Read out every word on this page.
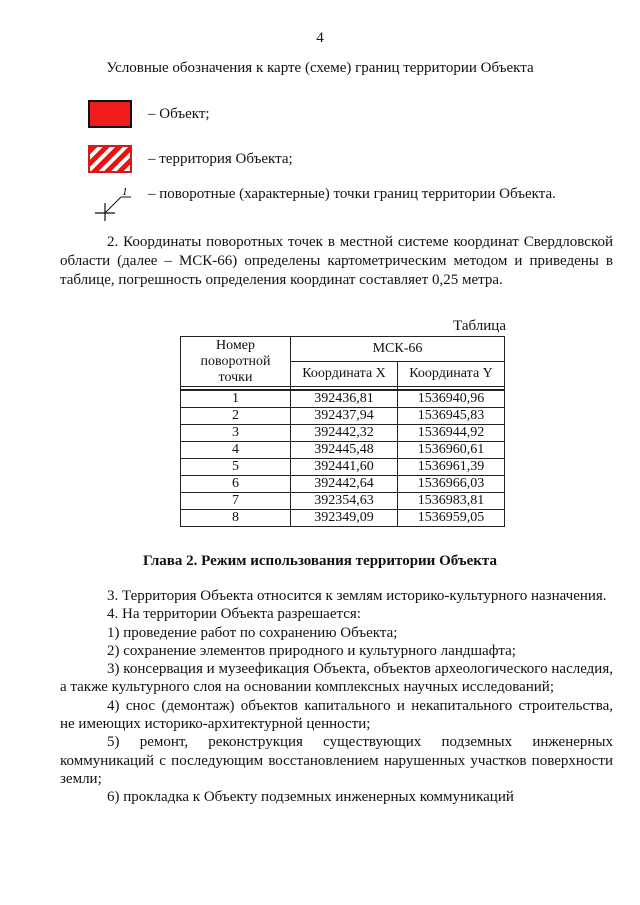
4
Условные обозначения к карте (схеме) границ территории Объекта
– Объект;
– территория Объекта;
1 – поворотные (характерные) точки границ территории Объекта.
2. Координаты поворотных точек в местной системе координат Свердловской области (далее – МСК-66) определены картометрическим методом и приведены в таблице, погрешность определения координат составляет 0,25 метра.
Таблица
Номер поворотной точки	МСК-66	
	Координата X	Координата Y

1	392436,81	1536940,96
2	392437,94	1536945,83
3	392442,32	1536944,92
4	392445,48	1536960,61
5	392441,60	1536961,39
6	392442,64	1536966,03
7	392354,63	1536983,81
8	392349,09	1536959,05
Глава 2. Режим использования территории Объекта
3. Территория Объекта относится к землям историко-культурного назначения.
4. На территории Объекта разрешается:
1) проведение работ по сохранению Объекта;
2) сохранение элементов природного и культурного ландшафта;
3) консервация и музеефикация Объекта, объектов археологического наследия, а также культурного слоя на основании комплексных научных исследований;
4) снос (демонтаж) объектов капитального и некапитального строительства, не имеющих историко-архитектурной ценности;
5) ремонт, реконструкция существующих подземных инженерных коммуникаций с последующим восстановлением нарушенных участков поверхности земли;
6) прокладка к Объекту подземных инженерных коммуникаций
